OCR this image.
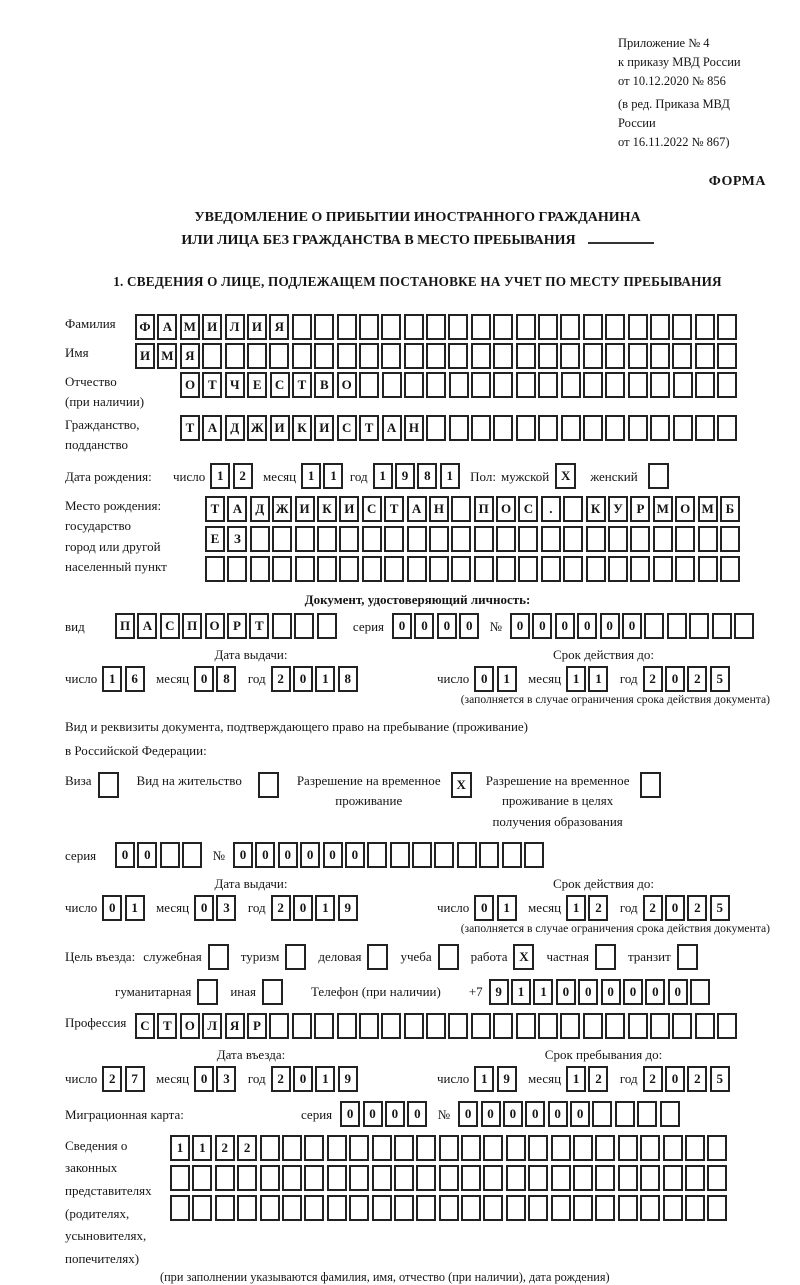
Приложение № 4
к приказу МВД России
от 10.12.2020 № 856
(в ред. Приказа МВД России
от 16.11.2022 № 867)
ФОРМА
УВЕДОМЛЕНИЕ О ПРИБЫТИИ ИНОСТРАННОГО ГРАЖДАНИНА
ИЛИ ЛИЦА БЕЗ ГРАЖДАНСТВА В МЕСТО ПРЕБЫВАНИЯ
1. СВЕДЕНИЯ О ЛИЦЕ, ПОДЛЕЖАЩЕМ ПОСТАНОВКЕ НА УЧЕТ ПО МЕСТУ ПРЕБЫВАНИЯ
Фамилия	Ф А М И Л И Я
Имя	И М Я
Отчество
(при наличии)
О Т	Ч	Е	С	Т	В	О
Гражданство,
подданство
Т	А	Д Ж И К И С	Т	А Н
Дата рождения:	число 1	2	месяц 1	1	год 1	9	8	1	Пол: мужской X	женский
Место рождения:
государство
город или другой
населенный пункт
Т	А	Д Ж И К И С	Т	А Н	П О С	.	К У	Р М О М Б

Е	З

Документ, удостоверяющий личность:
вид	П А	С П О	Р	Т	серия	0	0	0	0	№	0	0	0	0	0	0
Дата выдачи:
число 1	6	месяц 0	8	год 2	0	1	8
Срок действия до:
число 0	1	месяц 1	1	год 2	0	2	5
(заполняется в случае ограничения срока действия документа)
Вид и реквизиты документа, подтверждающего право на пребывание (проживание)
в Российской Федерации:
Виза	Вид на жительство	Разрешение на временное
проживание
X	Разрешение на временное
проживание в целях
получения образования
серия	0	0	№	0	0	0	0	0	0
Дата выдачи:
число 0	1	месяц 0	3	год 2	0	1	9
Срок действия до:
число 0	1	месяц 1	2	год 2	0	2	5
(заполняется в случае ограничения срока действия документа)
Цель въезда: служебная	туризм	деловая	учеба	работа X	частная	транзит
гуманитарная	иная	Телефон (при наличии) +7 9	1	1	0	0	0	0	0	0
Профессия	С	Т	О Л Я	Р
Дата въезда:
число 2	7	месяц 0	3	год 2	0	1	9
Срок пребывания до:
число 1	9	месяц 1	2	год 2	0	2	5
Миграционная карта:	серия	0	0	0	0	№	0	0	0	0	0	0
Сведения о
законных
представителях
(родителях,
усыновителях,
попечителях)
1	1	2	2
(при заполнении указываются фамилия, имя, отчество (при наличии), дата рождения)
